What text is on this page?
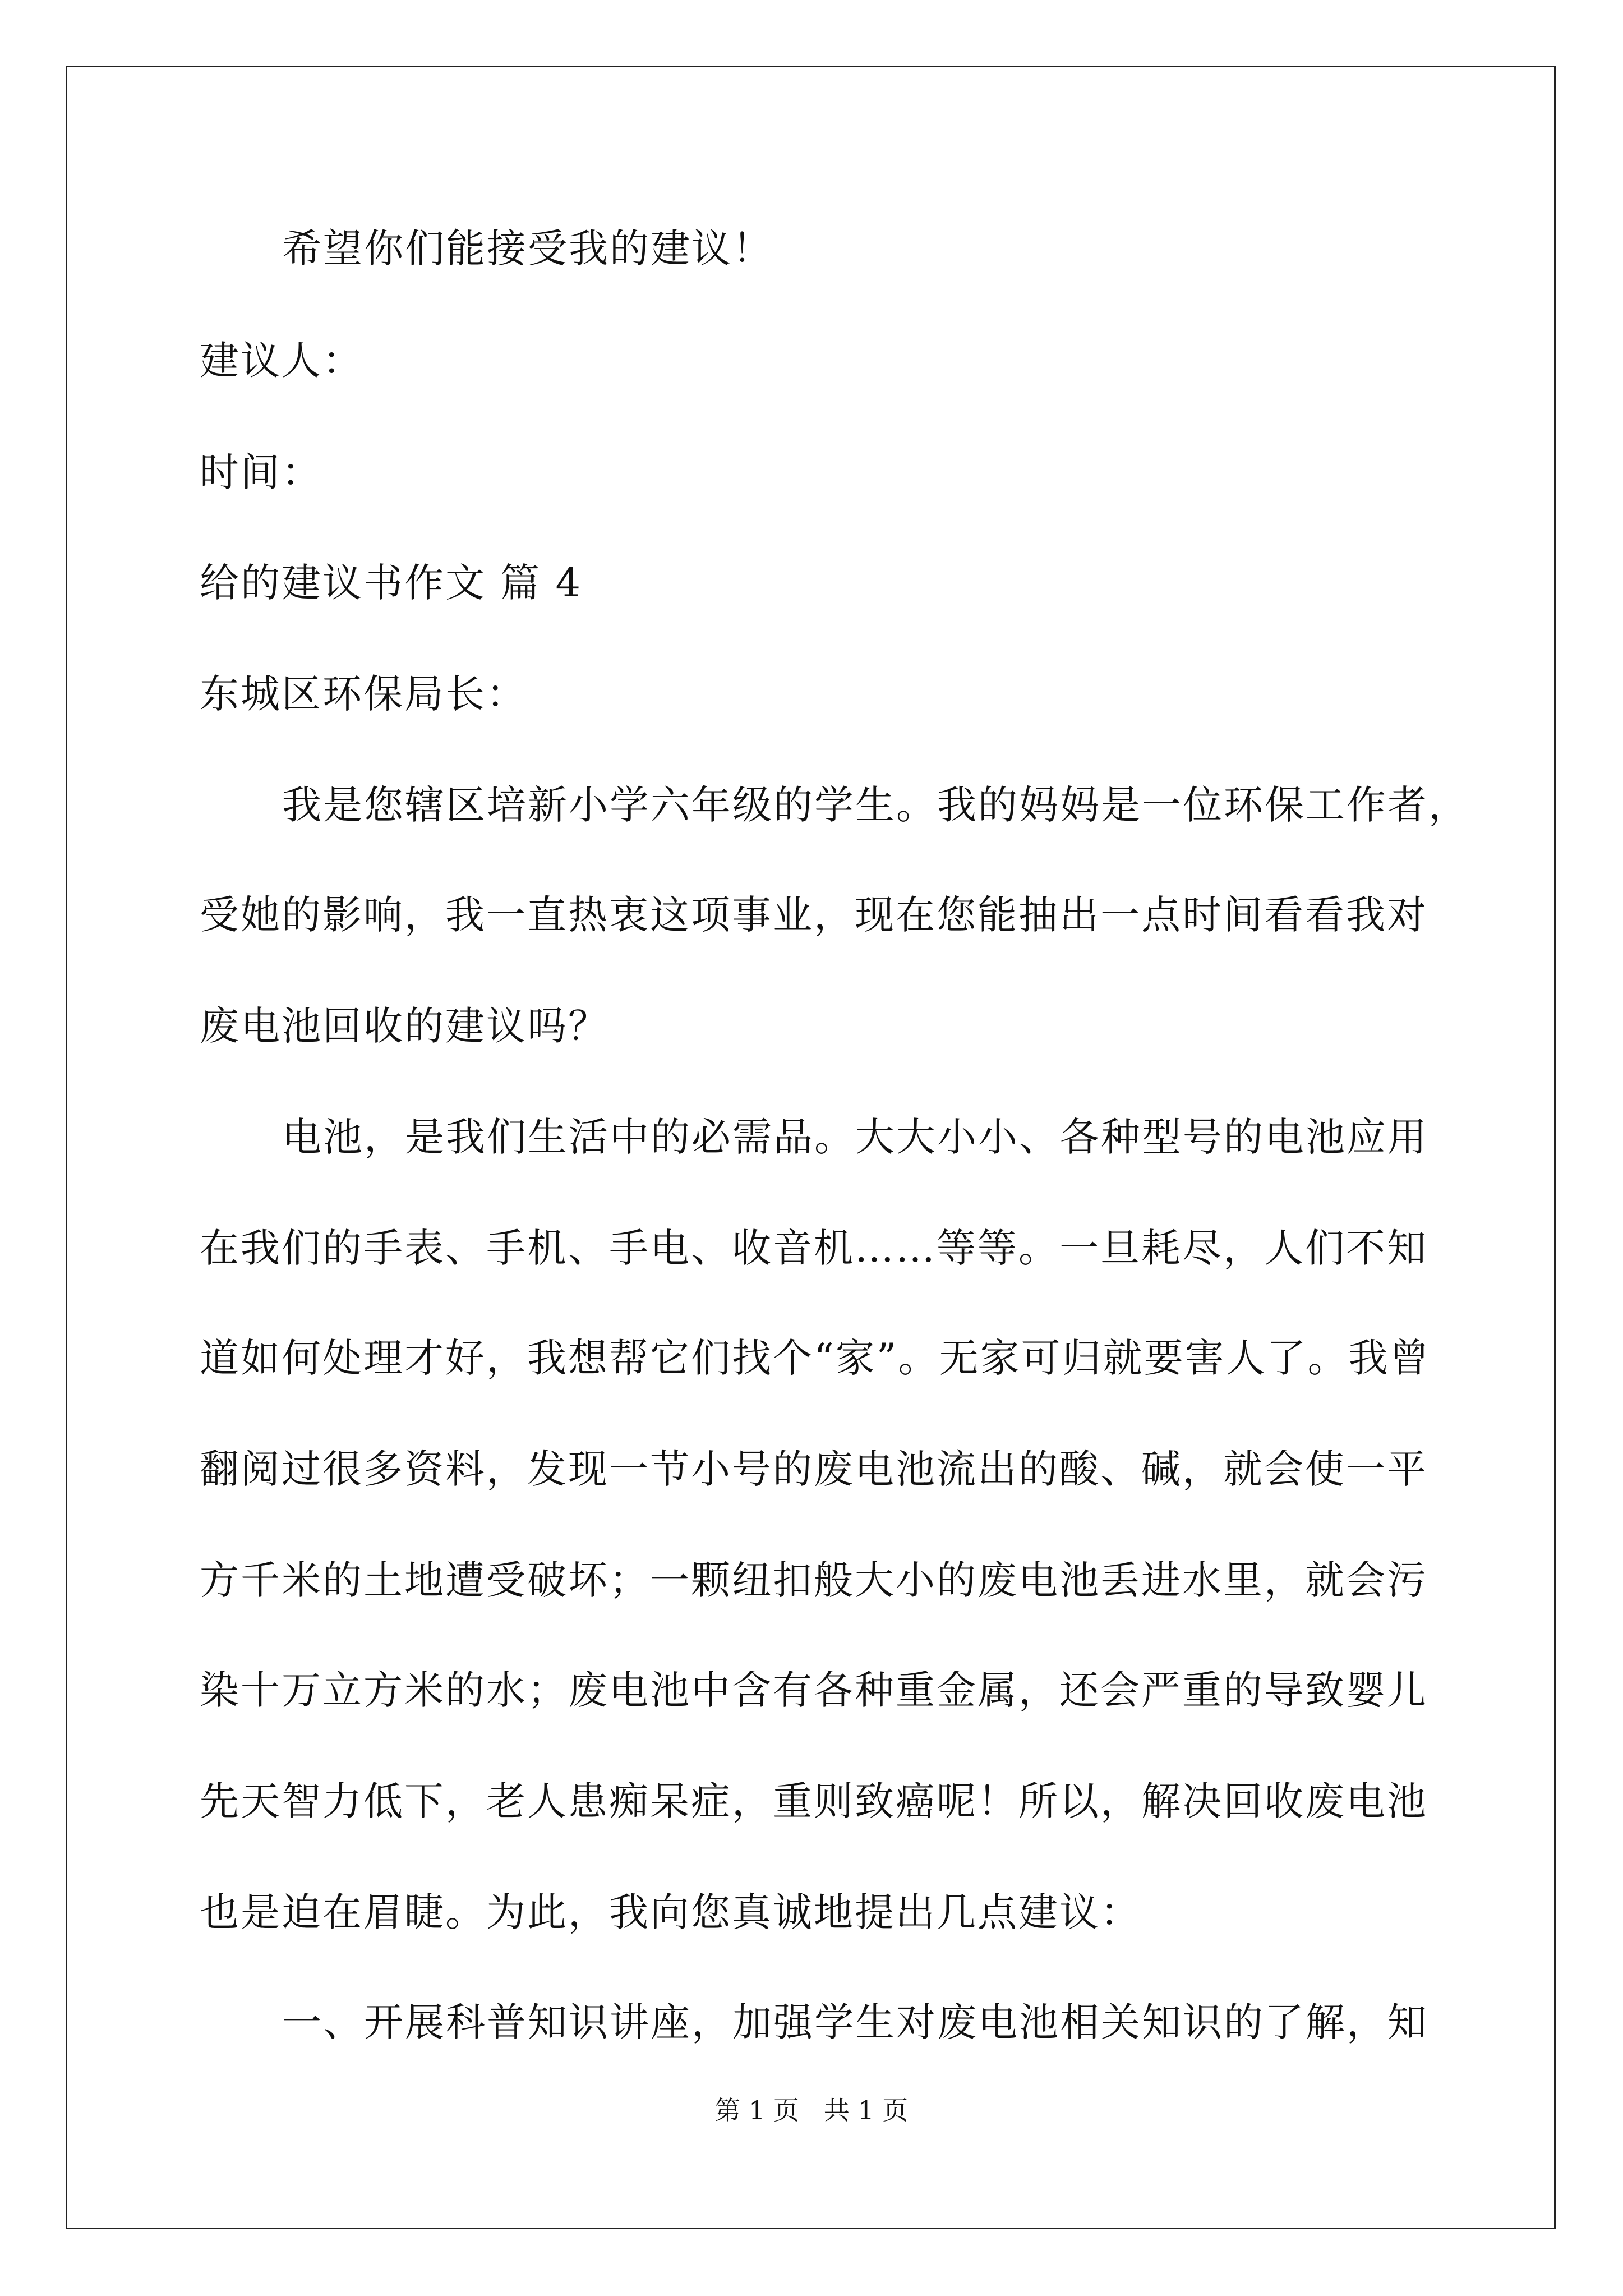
希望你们能接受我的建议！
建议人：
时间：
给的建议书作文 篇 4
东城区环保局长：
我是您辖区培新小学六年级的学生。我的妈妈是一位环保工作者，
受她的影响，我一直热衷这项事业，现在您能抽出一点时间看看我对
废电池回收的建议吗？
电池，是我们生活中的必需品。大大小小、各种型号的电池应用
在我们的手表、手机、手电、收音机……等等。一旦耗尽，人们不知
道如何处理才好，我想帮它们找个“家”。无家可归就要害人了。我曾
翻阅过很多资料，发现一节小号的废电池流出的酸、碱，就会使一平
方千米的土地遭受破坏；一颗纽扣般大小的废电池丢进水里，就会污
染十万立方米的水；废电池中含有各种重金属，还会严重的导致婴儿
先天智力低下，老人患痴呆症，重则致癌呢！所以，解决回收废电池
也是迫在眉睫。为此，我向您真诚地提出几点建议：
一、开展科普知识讲座，加强学生对废电池相关知识的了解，知
第 1 页   共 1 页
